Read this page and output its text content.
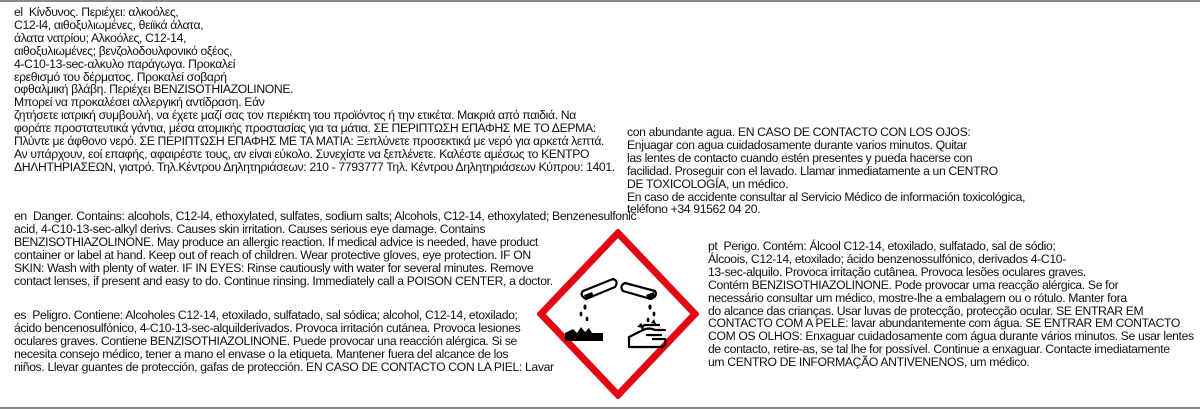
el Κίνδυνος. Περιέχει: αλκοόλες,
C12-l4, αιθοξυλιωμένες, θειϊκά άλατα,
άλατα νατρίου; Αλκοόλες, C12-14,
αιθοξυλιωμένες; βενζολοδουλφονικό οξέος,
4-C10-13-sec-αλκυλο παράγωγα. Προκαλεί
ερεθισμό του δέρματος. Προκαλεί σοβαρή
οφθαλμική βλάβη. Περιέχει BENZISOTHIAZOLINONE.
Μπορεί να προκαλέσει αλλεργική αντίδραση. Εάν
ζητήσετε ιατρική συμβουλή, να έχετε μαζί σας τον περιέκτη του προϊόντος ή την ετικέτα. Μακριά από παιδιά. Να
φοράτε προστατευτικά γάντια, μέσα ατομικής προστασίας για τα μάτια. ΣΕ ΠΕΡΙΠΤΩΣΗ ΕΠΑΦΗΣ ΜΕ ΤΟ ΔΕΡΜΑ:
Πλύντε με άφθονο νερό. ΣΕ ΠΕΡΙΠΤΩΣΗ ΕΠΑΦΗΣ ΜΕ ΤΑ ΜΑΤΙΑ: Ξεπλύνετε προσεκτικά με νερό για αρκετά λεπτά.
Αν υπάρχουν, εοί επαφής, αφαιρέστε τους, αν είναι εύκολο. Συνεχίστε να ξεπλένετε. Καλέστε αμέσως το ΚΕΝΤΡΟ
ΔΗΛΗΤΗΡΙΑΣΕΩΝ, γιατρό. Τηλ.Κέντρου Δηλητηριάσεων: 210 - 7793777 Τηλ. Κέντρου Δηλητηριάσεων Κύπρου: 1401.
con abundante agua. EN CASO DE CONTACTO CON LOS OJOS:
Enjuagar con agua cuidadosamente durante varios minutos. Quitar
las lentes de contacto cuando estén presentes y pueda hacerse con
facilidad. Proseguir con el lavado. Llamar inmediatamente a un CENTRO
DE TOXICOLOGÍA, un médico.
En caso de accidente consultar al Servicio Médico de información toxicológica,
teléfono +34 91562 04 20.
en Danger. Contains: alcohols, C12-l4, ethoxylated, sulfates, sodium salts; Alcohols, C12-14, ethoxylated; Benzenesulfonic
acid, 4-C10-13-sec-alkyl derivs. Causes skin irritation. Causes serious eye damage. Contains
BENZISOTHIAZOLINONE. May produce an allergic reaction. If medical advice is needed, have product
container or label at hand. Keep out of reach of children. Wear protective gloves, eye protection. IF ON
SKIN: Wash with plenty of water. IF IN EYES: Rinse cautiously with water for several minutes. Remove
contact lenses, if present and easy to do. Continue rinsing. Immediately call a POISON CENTER, a doctor.
es Peligro. Contiene: Alcoholes C12-14, etoxilado, sulfatado, sal sódica; alcohol, C12-14, etoxilado;
ácido bencenosulfónico, 4-C10-13-sec-alquilderivados. Provoca irritación cutánea. Provoca lesiones
oculares graves. Contiene BENZISOTHIAZOLINONE. Puede provocar una reacción alérgica. Si se
necesita consejo médico, tener a mano el envase o la etiqueta. Mantener fuera del alcance de los
niños. Llevar guantes de protección, gafas de protección. EN CASO DE CONTACTO CON LA PIEL: Lavar
pt Perigo. Contém: Álcool C12-14, etoxilado, sulfatado, sal de sódio;
Álcoois, C12-14, etoxilado; ácido benzenossulfónico, derivados 4-C10-
13-sec-alquilo. Provoca irritação cutânea. Provoca lesões oculares graves.
Contém BENZISOTHIAZOLINONE. Pode provocar uma reacção alérgica. Se for
necessário consultar um médico, mostre-lhe a embalagem ou o rótulo. Manter fora
do alcance das crianças. Usar luvas de protecção, protecção ocular. SE ENTRAR EM
CONTACTO COM A PELE: lavar abundantemente com água. SE ENTRAR EM CONTACTO
COM OS OLHOS: Enxaguar cuidadosamente com água durante vários minutos. Se usar lentes
de contacto, retire-as, se tal lhe for possível. Continue a enxaguar. Contacte imediatamente
um CENTRO DE INFORMAÇÃO ANTIVENENOS, um médico.
